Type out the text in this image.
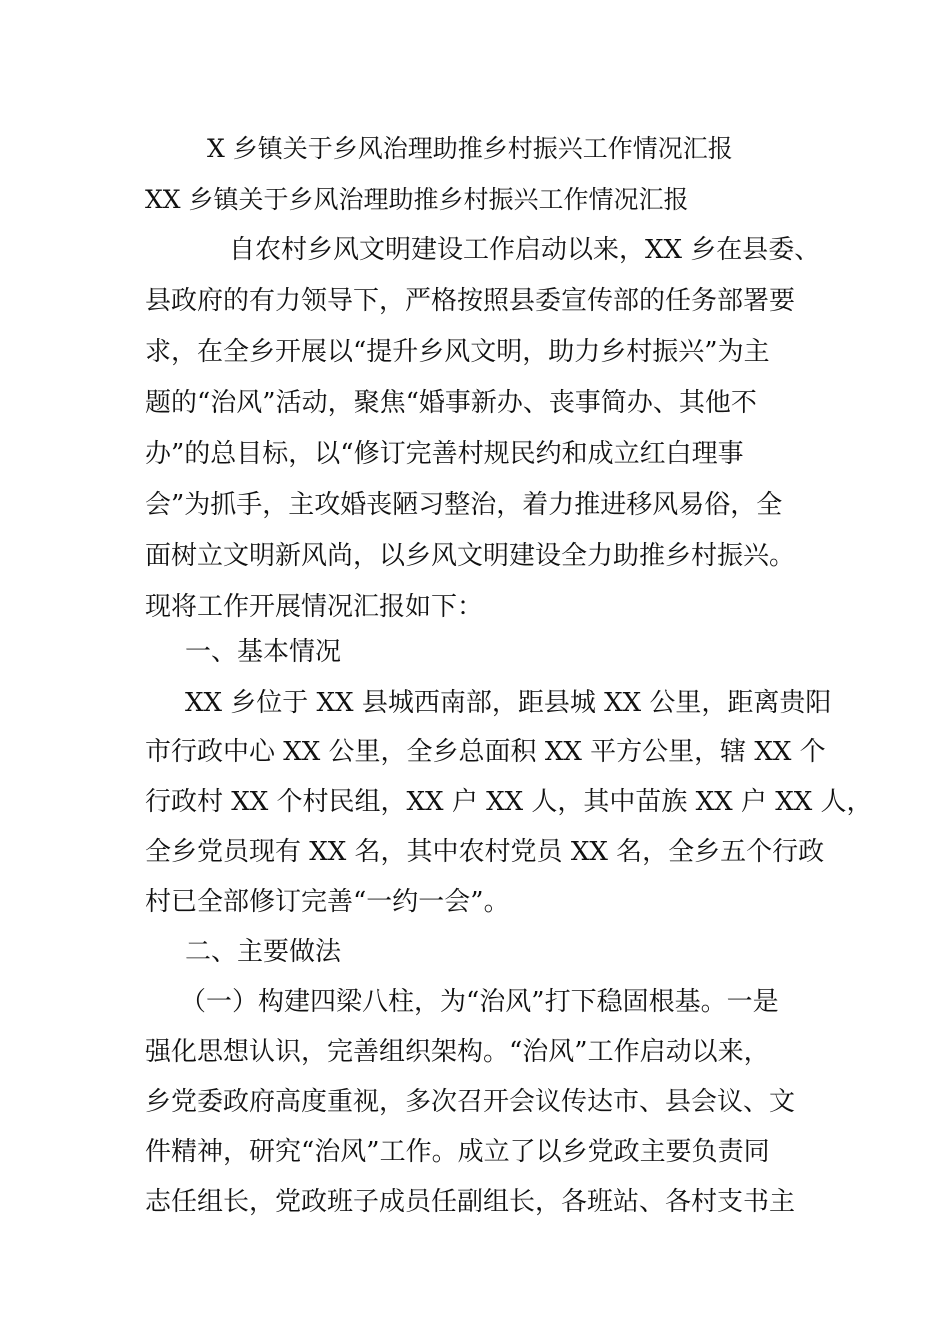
X 乡镇关于乡风治理助推乡村振兴工作情况汇报
XX 乡镇关于乡风治理助推乡村振兴工作情况汇报
自农村乡风文明建设工作启动以来，XX 乡在县委、
县政府的有力领导下，严格按照县委宣传部的任务部署要
求，在全乡开展以“提升乡风文明，助力乡村振兴”为主
题的“治风”活动，聚焦“婚事新办、丧事简办、其他不
办”的总目标，以“修订完善村规民约和成立红白理事
会”为抓手，主攻婚丧陋习整治，着力推进移风易俗，全
面树立文明新风尚，以乡风文明建设全力助推乡村振兴。
现将工作开展情况汇报如下：
一、基本情况
XX 乡位于 XX 县城西南部，距县城 XX 公里，距离贵阳
市行政中心 XX 公里，全乡总面积 XX 平方公里，辖 XX 个
行政村 XX 个村民组，XX 户 XX 人，其中苗族 XX 户 XX 人，
全乡党员现有 XX 名，其中农村党员 XX 名，全乡五个行政
村已全部修订完善“一约一会”。
二、主要做法
（一）构建四梁八柱，为“治风”打下稳固根基。一是
强化思想认识，完善组织架构。“治风”工作启动以来，
乡党委政府高度重视，多次召开会议传达市、县会议、文
件精神，研究“治风”工作。成立了以乡党政主要负责同
志任组长，党政班子成员任副组长，各班站、各村支书主
